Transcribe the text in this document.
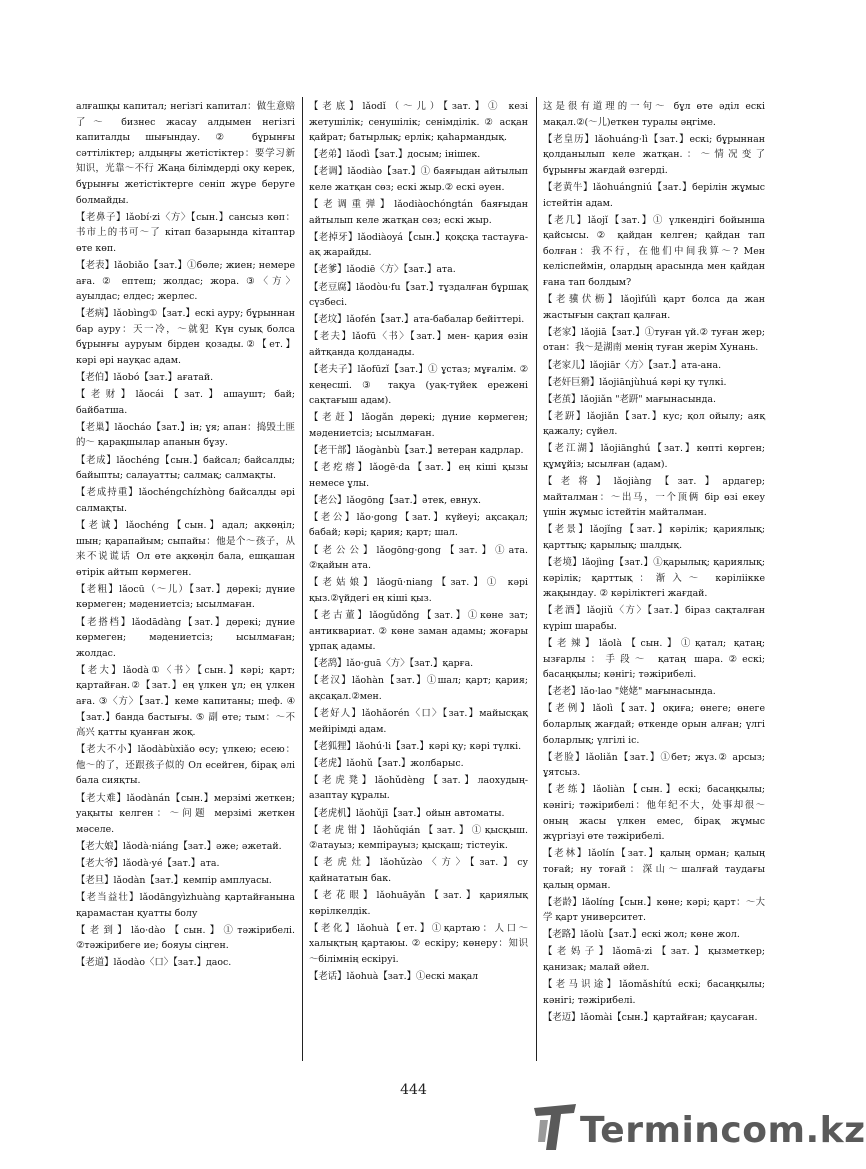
алғашқы капитал; негізгі капитал：做生意赔了～ бизнес жасау алдымен негізгі капиталды шығындау. ② бұрынғы сәттіліктер; алдыңғы жетістіктер：要学习新知识，光靠～不行 Жаңа білімдерді оқу керек, бұрынғы жетістіктерге сеніп жүре беруге болмайды.

【老鼻子】lǎobí·zi〈方〉【сын.】сансыз көп：书市上的书可～了 кітап базарында кітаптар өте көп.

【老表】lǎobiǎo【зат.】①бөле; жиен; немере аға. ② ептеш; жолдас; жора. ③〈方〉ауылдас; елдес; жерлес.

【老病】lǎobìng①【зат.】ескі ауру; бұрыннан бар ауру：天一冷，～就犯 Күн суық болса бұрынғы ауруым бірден қозады.②【ет.】кәрі әрі науқас адам.

【老伯】lǎobó【зат.】ағатай.

【老财】lǎocái【зат.】ашаушт; бай; байбатша.

【老巢】lǎocháo【зат.】ін; ұя; апан：捣毁土匪的～ қарақшылар апанын бұзу.

【老成】lǎochéng【сын.】байсал; байсалды; байыпты; салауатты; салмақ; салмақты.

【老成持重】lǎochéngchízhòng байсалды әрі салмақты.

【老诚】lǎochéng【сын.】адал; ақкөңіл; шын; қарапайым; сыпайы：他是个～孩子，从来不说谎话 Ол өте ақкөңіл бала, ешқашан өтірік айтып көрмеген.

【老粗】lǎocū（～儿）【зат.】дөрекі; дүние көрмеген; мәдениетсіз; ысылмаған.

【老搭档】lǎodādàng【зат.】дөрекі; дүние көрмеген; мәдениетсіз; ысылмаған; жолдас.

【老大】lǎodà①〈书〉【сын.】кәрі; қарт; қартайған.②【зат.】ең үлкен ұл; ең үлкен аға. ③〈方〉【зат.】кеме капитаны; шеф. ④【зат.】банда бастығы. ⑤ 副 өте; тым：～不高兴 қатты қуанған жоқ.

【老大不小】lǎodàbùxiǎo өсу; үлкею; есею：他～的了，还跟孩子似的 Ол есейген, бірақ әлі бала сияқты.

【老大难】lǎodànán【сын.】мерзімі жеткен; уақыты келген：～问题 мерзімі жеткен мәселе.

【老大娘】lǎodà·niáng【зат.】әже; әжетай.

【老大爷】lǎodà·yé【зат.】ата.

【老旦】lǎodàn【зат.】кемпір амплуасы.

【老当益壮】lǎodāngyìzhuàng қартайғанына қарамастан қуатты болу

【老到】lǎo·dào【сын.】①тәжірибелі. ②тәжірибеге ие; бояуы сіңген.

【老道】lǎodào〈口〉【зат.】даос.

【老底】lǎodǐ（～儿）【зат.】① кезі жетушілік; сенушілік; сенімділік. ② асқан қайрат; батырлық; ерлік; қаһармандық.

【老弟】lǎodì【зат.】досым; інішек.

【老调】lǎodiào【зат.】① баяғыдан айтылып келе жатқан сөз; ескі жыр.② ескі әуен.

【老调重弹】lǎodiàochóngtán баяғыдан айтылып келе жатқан сөз; ескі жыр.

【老掉牙】lǎodiàoyá【сын.】қоқсқа тастауға-ақ жарайды.

【老爹】lǎodiē〈方〉【зат.】ата.

【老豆腐】lǎodòu·fu【зат.】тұздалған бұршақ сүзбесі.

【老坟】lǎofén【зат.】ата-бабалар бейіттері.

【老夫】lǎofū〈书〉【зат.】мен- қария өзін айтқанда қолданады.

【老夫子】lǎofūzǐ【зат.】① ұстаз; мұғалім. ② кеңесші. ③ тақуа (уақ-түйек ережені сақтағыш адам).

【老赶】lǎogǎn дөрекі; дүние көрмеген; мәдениетсіз; ысылмаған.

【老干部】lǎogànbù【зат.】ветеран кадрлар.

【老疙瘩】lǎogē·da【зат.】ең кіші қызы немесе ұлы.

【老公】lǎogōng【зат.】әтек, евнух.

【老公】lǎo·gong【зат.】күйеуі; ақсақал; бабай; кәрі; қария; қарт; шал.

【老公公】lǎogōng·gong【зат.】①ата. ②қайын ата.

【老姑娘】lǎogū·niang【зат.】① кәрі қыз.②үйдегі ең кіші қыз.

【老古董】lǎogǔdǒng【зат.】①көне зат; антиквариат. ② көне заман адамы; жоғары ұрпақ адамы.

【老鸹】lǎo·guā〈方〉【зат.】қарға.

【老汉】lǎohàn【зат.】①шал; қарт; қария; ақсақал.②мен.

【老好人】lǎohǎorén〈口〉【зат.】майысқақ мейірімді адам.

【老狐狸】lǎohú·li【зат.】кәрі қу; кәрі түлкі.

【老虎】lǎohǔ【зат.】жолбарыс.

【老虎凳】lǎohǔdèng【зат.】лаохудың-азаптау құралы.

【老虎机】lǎohǔjī【зат.】ойын автоматы.

【老虎钳】lǎohǔqián【зат.】①қысқыш. ②атауыз; кемпірауыз; қысқаш; тістеуік.

【老虎灶】lǎohǔzào〈方〉【зат.】су қайнататын бак.

【老花眼】lǎohuāyǎn【зат.】қариялық көрілкелдік.

【老化】lǎohuà【ет.】①қартаю：人口～ халықтың қартаюы. ② ескіру; көнеру：知识～білімнің ескіруі.

【老话】lǎohuà【зат.】①ескі мақал

这是很有道理的一句～ бұл өте әділ ескі мақал.②(～儿)еткен туралы әңгіме.

【老皇历】lǎohuáng·lì【зат.】ескі; бұрыннан қолданылып келе жатқан.：～情况变了 бұрынғы жағдай өзгерді.

【老黄牛】lǎohuángniú【зат.】берілін жұмыс істейтін адам.

【老几】lǎojǐ【зат.】① үлкендігі бойынша қайсысы. ② қайдан келген; қайдан тап болған：我不行，在他们中间我算～? Мен келіспеймін, олардың арасында мен қайдан ғана тап болдым?

【老骥伏枥】lǎojìfúlì қарт болса да жан жастығын сақтап қалған.

【老家】lǎojiā【зат.】①туған үй.② туған жер; отан：我～是湖南 менің туған жерім Хунань.

【老家儿】lǎojiār〈方〉【зат.】ата-ана.

【老奸巨猾】lǎojiānjùhuá кәрі қу түлкі.

【老茧】lǎojiǎn "老趼" мағынасында.

【老趼】lǎojiǎn【зат.】кус; қол ойылу; аяқ қажалу; сүйел.

【老江湖】lǎojiānghú【зат.】көпті көрген; құмұйіз; ысылған (адам).

【老将】lǎojiàng【зат.】ардагер; майталман：～出马，一个顶俩 бір өзі екеу үшін жұмыс істейтін майталман.

【老景】lǎojǐng【зат.】кәрілік; қариялық; қарттық; қарылық; шалдық.

【老境】lǎojìng【зат.】①қарылық; қариялық; кәрілік; қарттық：渐入～ кәріліікке жақындау. ② кәріліктегі жағдай.

【老酒】lǎojiǔ〈方〉【зат.】біраз сақталған күріш шарабы.

【老辣】lǎolà【сын.】①қатал; қатаң; ызғарлы：手段～ қатаң шара.②ескі; басаңқылы; кәнігі; тәжірибелі.

【老老】lǎo·lao "姥姥" мағынасында.

【老例】lǎolì【зат.】оқиға; өнеге; өнеге боларлық жағдай; өткенде орын алған; үлгі боларлық; үлгілі іс.

【老脸】lǎoliǎn【зат.】①бет; жүз.② арсыз; ұятсыз.

【老练】lǎoliàn【сын.】ескі; басаңқылы; кәнігі; тәжірибелі：他年纪不大，处事却很～ оның жасы үлкен емес, бірақ жұмыс жүргізуі өте тәжірибелі.

【老林】lǎolín【зат.】қалың орман; қалың тоғай; ну тоғай：深山～шалғай таудағы қалың орман.

【老龄】lǎolíng【сын.】көне; кәрі; қарт：～大学 қарт университет.

【老路】lǎolù【зат.】ескі жол; көне жол.

【老妈子】lǎomā·zi【зат.】қызметкер; қанизак; малай әйел.

【老马识途】lǎomǎshítú ескі; басаңқылы; кәнігі; тәжірибелі.

【老迈】lǎomài【сын.】қартайған; қаусаған.

444
Termincom.kz
